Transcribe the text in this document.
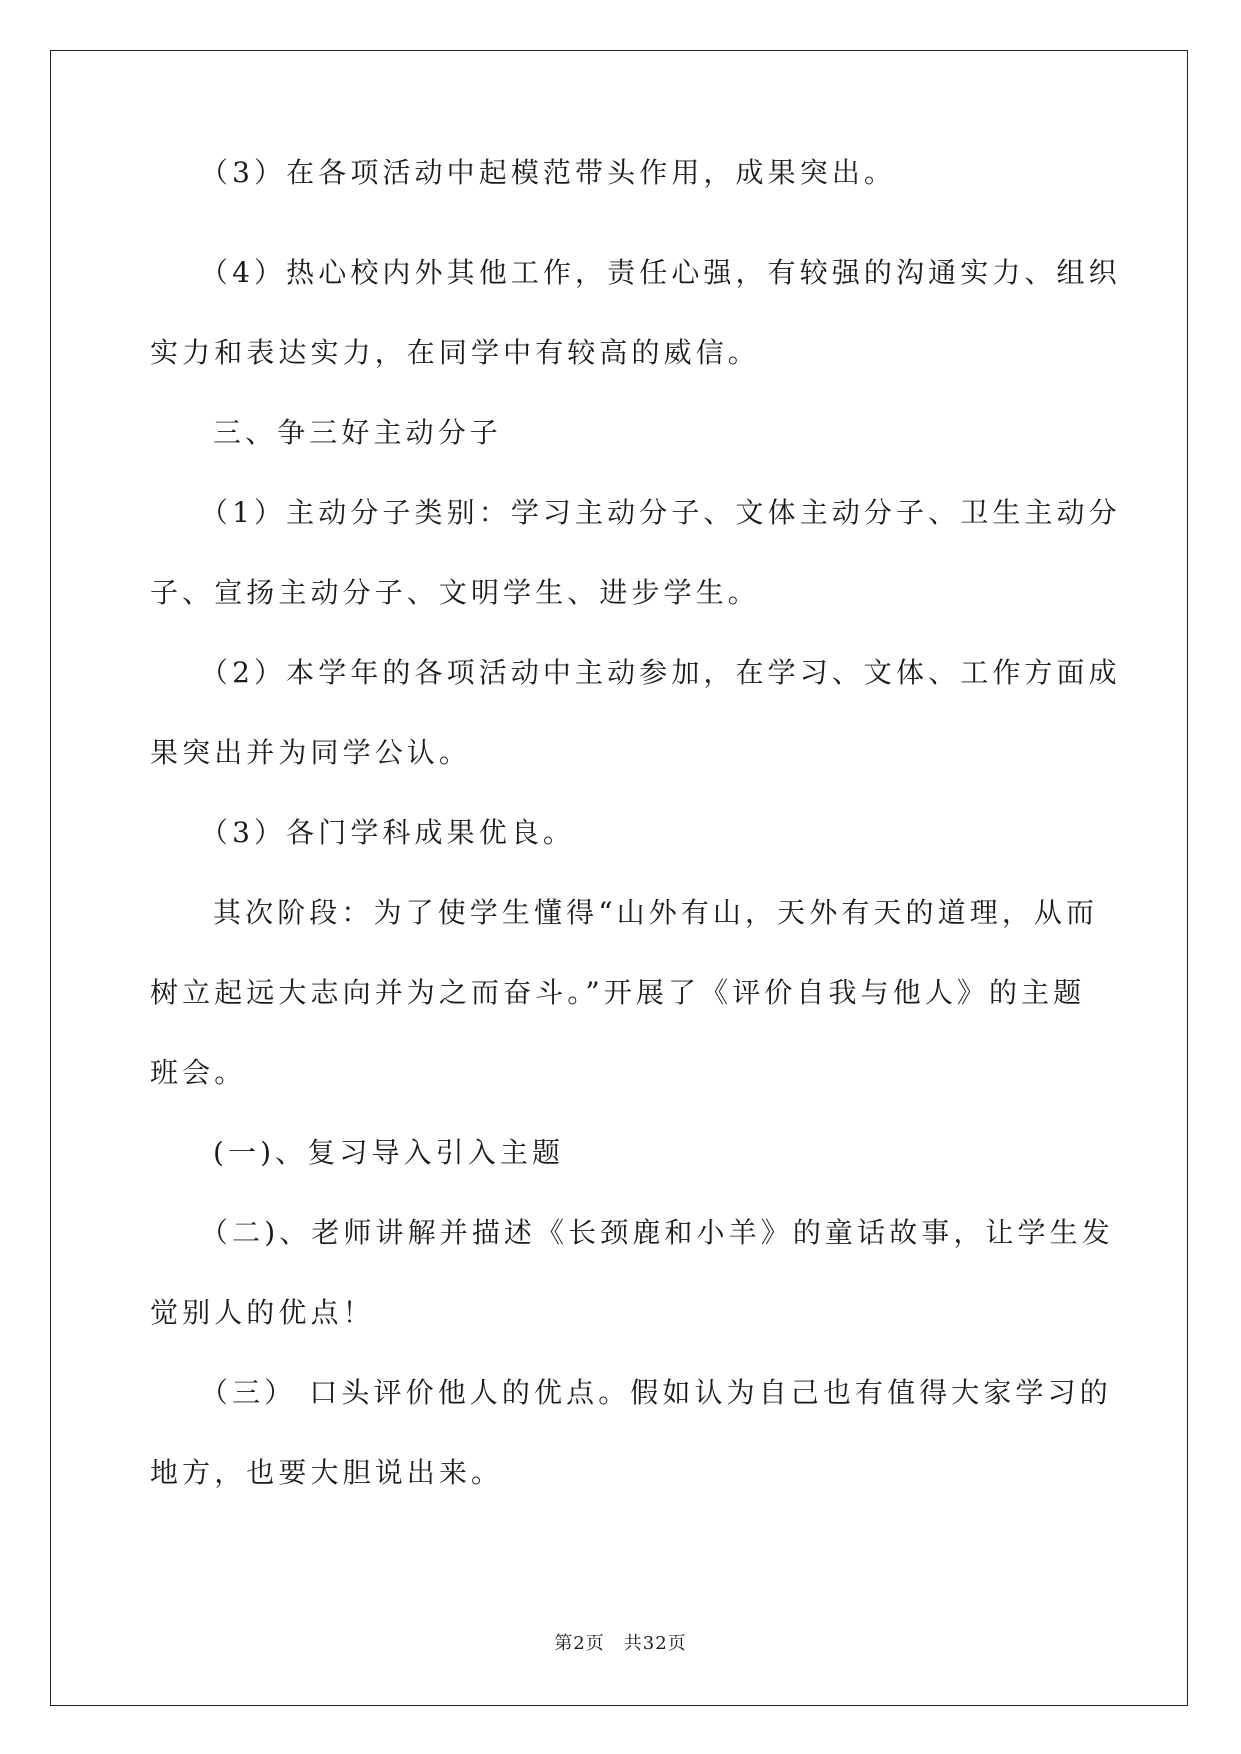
（3）在各项活动中起模范带头作用，成果突出。
（4）热心校内外其他工作，责任心强，有较强的沟通实力、组织
实力和表达实力，在同学中有较高的威信。
三、争三好主动分子
（1）主动分子类别：学习主动分子、文体主动分子、卫生主动分
子、宣扬主动分子、文明学生、进步学生。
（2）本学年的各项活动中主动参加，在学习、文体、工作方面成
果突出并为同学公认。
（3）各门学科成果优良。
其次阶段：为了使学生懂得“山外有山，天外有天的道理，从而
树立起远大志向并为之而奋斗。”开展了《评价自我与他人》的主题
班会。
(一)、复习导入引入主题
（二)、老师讲解并描述《长颈鹿和小羊》的童话故事，让学生发
觉别人的优点！
（三） 口头评价他人的优点。假如认为自己也有值得大家学习的
地方，也要大胆说出来。
第2页　共32页
